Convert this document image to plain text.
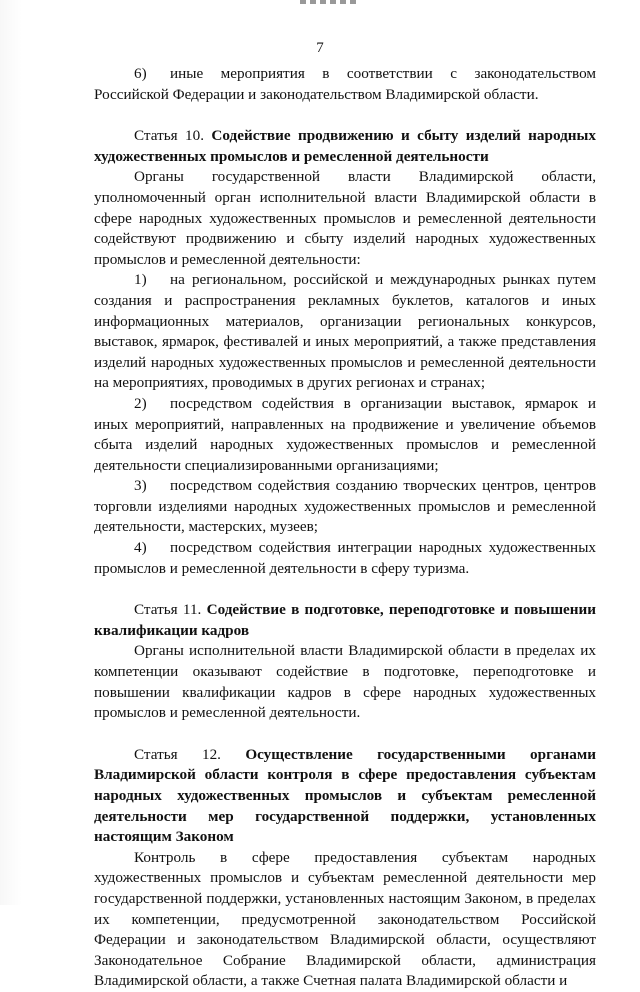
7

6) иные мероприятия в соответствии с законодательством Российской Федерации и законодательством Владимирской области.

Статья 10. Содействие продвижению и сбыту изделий народных художественных промыслов и ремесленной деятельности

Органы государственной власти Владимирской области, уполномоченный орган исполнительной власти Владимирской области в сфере народных художественных промыслов и ремесленной деятельности содействуют продвижению и сбыту изделий народных художественных промыслов и ремесленной деятельности:

1) на региональном, российской и международных рынках путем создания и распространения рекламных буклетов, каталогов и иных информационных материалов, организации региональных конкурсов, выставок, ярмарок, фестивалей и иных мероприятий, а также представления изделий народных художественных промыслов и ремесленной деятельности на мероприятиях, проводимых в других регионах и странах;

2) посредством содействия в организации выставок, ярмарок и иных мероприятий, направленных на продвижение и увеличение объемов сбыта изделий народных художественных промыслов и ремесленной деятельности специализированными организациями;

3) посредством содействия созданию творческих центров, центров торговли изделиями народных художественных промыслов и ремесленной деятельности, мастерских, музеев;

4) посредством содействия интеграции народных художественных промыслов и ремесленной деятельности в сферу туризма.

Статья 11. Содействие в подготовке, переподготовке и повышении квалификации кадров

Органы исполнительной власти Владимирской области в пределах их компетенции оказывают содействие в подготовке, переподготовке и повышении квалификации кадров в сфере народных художественных промыслов и ремесленной деятельности.

Статья 12. Осуществление государственными органами Владимирской области контроля в сфере предоставления субъектам народных художественных промыслов и субъектам ремесленной деятельности мер государственной поддержки, установленных настоящим Законом

Контроль в сфере предоставления субъектам народных художественных промыслов и субъектам ремесленной деятельности мер государственной поддержки, установленных настоящим Законом, в пределах их компетенции, предусмотренной законодательством Российской Федерации и законодательством Владимирской области, осуществляют Законодательное Собрание Владимирской области, администрация Владимирской области, а также Счетная палата Владимирской области и
